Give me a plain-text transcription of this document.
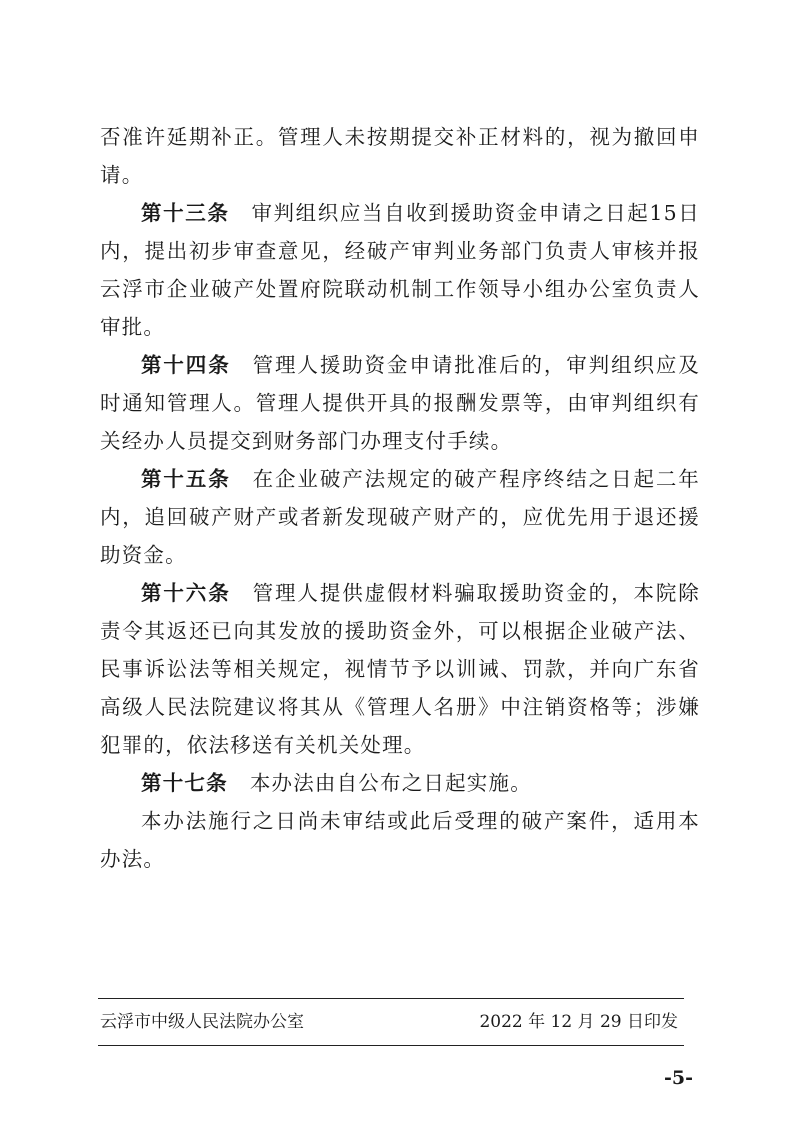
否准许延期补正。管理人未按期提交补正材料的，视为撤回申请。

第十三条 审判组织应当自收到援助资金申请之日起15日内，提出初步审查意见，经破产审判业务部门负责人审核并报云浮市企业破产处置府院联动机制工作领导小组办公室负责人审批。

第十四条 管理人援助资金申请批准后的，审判组织应及时通知管理人。管理人提供开具的报酬发票等，由审判组织有关经办人员提交到财务部门办理支付手续。

第十五条 在企业破产法规定的破产程序终结之日起二年内，追回破产财产或者新发现破产财产的，应优先用于退还援助资金。

第十六条 管理人提供虚假材料骗取援助资金的，本院除责令其返还已向其发放的援助资金外，可以根据企业破产法、民事诉讼法等相关规定，视情节予以训诫、罚款，并向广东省高级人民法院建议将其从《管理人名册》中注销资格等；涉嫌犯罪的，依法移送有关机关处理。

第十七条 本办法由自公布之日起实施。

本办法施行之日尚未审结或此后受理的破产案件，适用本办法。

云浮市中级人民法院办公室	2022 年 12 月 29 日印发
-5-
